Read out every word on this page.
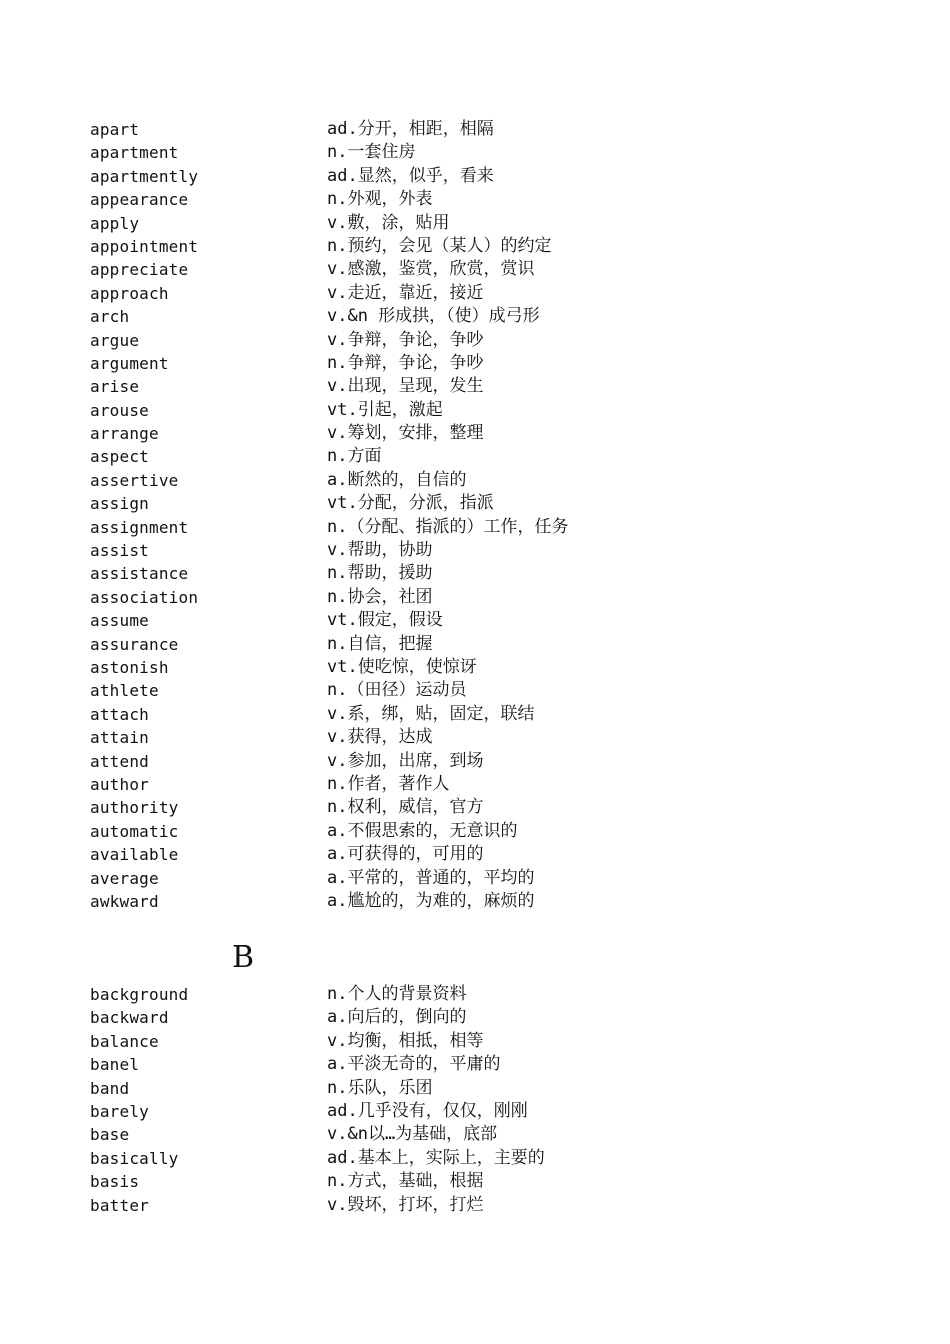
apart	ad.分开，相距，相隔
apartment	n.一套住房
apartmently	ad.显然，似乎，看来
appearance	n.外观，外表
apply	v.敷，涂，贴用
appointment	n.预约，会见（某人）的约定
appreciate	v.感激，鉴赏，欣赏，赏识
approach	v.走近，靠近，接近
arch	v.&n 形成拱，（使）成弓形
argue	v.争辩，争论，争吵
argument	n.争辩，争论，争吵
arise	v.出现，呈现，发生
arouse	vt.引起，激起
arrange	v.筹划，安排，整理
aspect	n.方面
assertive	a.断然的，自信的
assign	vt.分配，分派，指派
assignment	n.（分配、指派的）工作，任务
assist	v.帮助，协助
assistance	n.帮助，援助
association	n.协会，社团
assume	vt.假定，假设
assurance	n.自信，把握
astonish	vt.使吃惊，使惊讶
athlete	n.（田径）运动员
attach	v.系，绑，贴，固定，联结
attain	v.获得，达成
attend	v.参加，出席，到场
author	n.作者，著作人
authority	n.权利，威信，官方
automatic	a.不假思索的，无意识的
available	a.可获得的，可用的
average	a.平常的，普通的，平均的
awkward	a.尴尬的，为难的，麻烦的
B
background	n.个人的背景资料
backward	a.向后的，倒向的
balance	v.均衡，相抵，相等
banel	a.平淡无奇的，平庸的
band	n.乐队，乐团
barely	ad.几乎没有，仅仅，刚刚
base	v.&n以…为基础，底部
basically	ad.基本上，实际上，主要的
basis	n.方式，基础，根据
batter	v.毁坏，打坏，打烂
